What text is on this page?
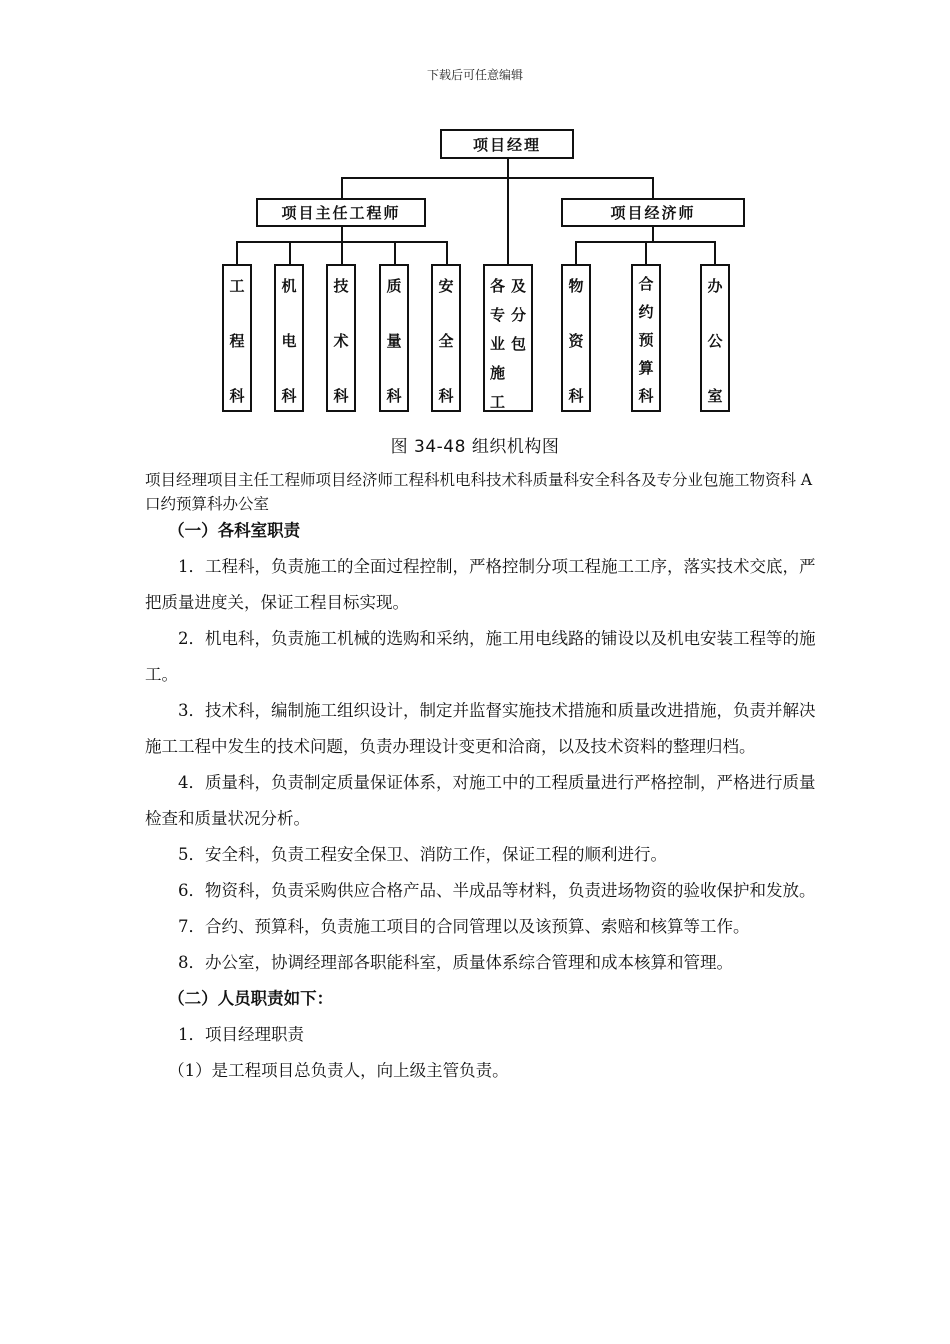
下载后可任意编辑
项目经理
项目主任工程师	项目经济师
工
程
科
机
电
科
技
术
科
质
量
科
安
全
科
各 及
专 分
业 包
施
工
物
资
科
合
约
预
算
科
办
公
室
图 34-48 组织机构图
项目经理项目主任工程师项目经济师工程科机电科技术科质量科安全科各及专分业包施工物资科 A 口约预算科办公室

（一）各科室职责

1．工程科，负责施工的全面过程控制，严格控制分项工程施工工序，落实技术交底，严把质量进度关，保证工程目标实现。

2．机电科，负责施工机械的选购和采纳，施工用电线路的铺设以及机电安装工程等的施工。

3．技术科，编制施工组织设计，制定并监督实施技术措施和质量改进措施，负责并解决施工工程中发生的技术问题，负责办理设计变更和洽商，以及技术资料的整理归档。

4．质量科，负责制定质量保证体系，对施工中的工程质量进行严格控制，严格进行质量检查和质量状况分析。

5．安全科，负责工程安全保卫、消防工作，保证工程的顺利进行。

6．物资科，负责采购供应合格产品、半成品等材料，负责进场物资的验收保护和发放。

7．合约、预算科，负责施工项目的合同管理以及该预算、索赔和核算等工作。

8．办公室，协调经理部各职能科室，质量体系综合管理和成本核算和管理。

（二）人员职责如下：

1．项目经理职责

（1）是工程项目总负责人，向上级主管负责。
